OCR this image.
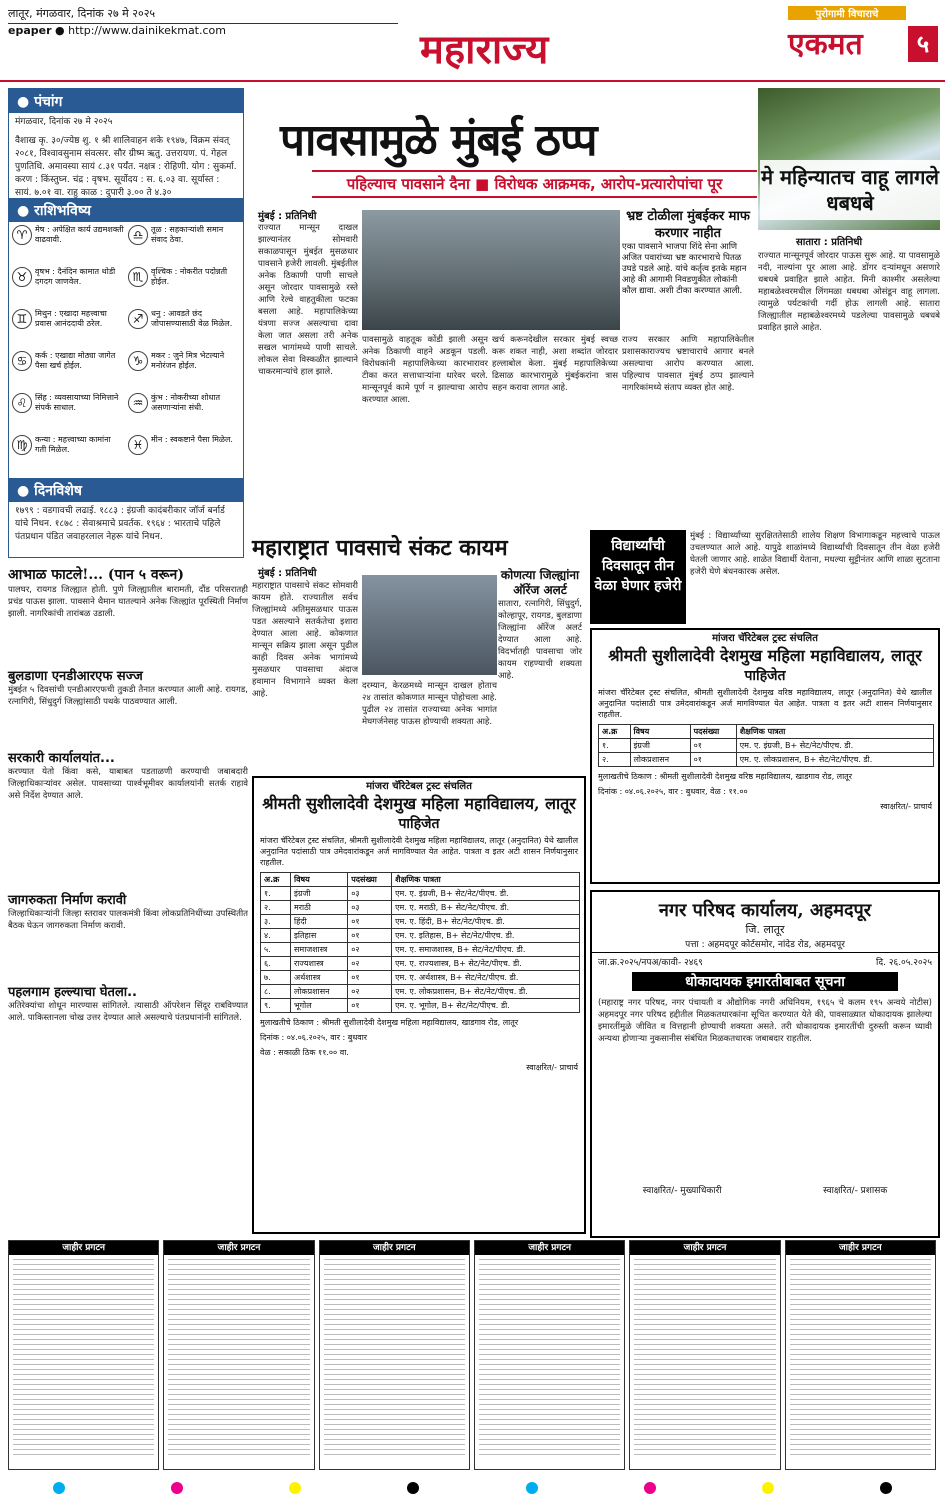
लातूर, मंगळवार, दिनांक २७ मे २०२५
epaper ● http://www.dainikekmat.com	महाराज्य
पुरोगामी विचाराचे
एकमत	५
● पंचांग
मंगळवार, दिनांक २७ मे २०२५
वैशाख कृ. ३०/ज्येष्ठ शु. १ श्री शालिवाहन शके १९४७, विक्रम संवत् २०८१, विश्वावसुनाम संवत्सर. सौर ग्रीष्म ऋतु. उत्तरायण. पं. गेहल पुणतिथि. अमावस्या सायं ८.३१ पर्यंत. नक्षत्र : रोहिणी. योग : सुकर्मा. करण : किंस्तुघ्न. चंद्र : वृषभ. सूर्योदय : स. ६.०३ वा. सूर्यास्त : सायं. ७.०१ वा. राहु काळ : दुपारी ३.०० ते ४.३०
● राशिभविष्य
♈ मेष : अपेक्षित कार्य उद्यमशक्ती वाढवावी.	♎ तूळ : सहकाऱ्यांशी समान संवाद ठेवा.
♉ वृषभ : दैनंदिन कामात थोडी दगदग जाणवेल.	♏ वृश्चिक : नोकरीत पदोन्नती होईल.
♊ मिथुन : एखादा महत्त्वाचा प्रवास आनंददायी ठरेल.	♐ धनु : आवडते छंद जोपासण्यासाठी वेळ मिळेल.
♋ कर्क : एखाद्या मोठ्या जागेत पैसा खर्च होईल.	♑ मकर : जुने मित्र भेटल्याने मनोरंजन होईल.
♌ सिंह : व्यवसायाच्या निमित्ताने संपर्क साधाल.	♒ कुंभ : नोकरीच्या शोधात असणाऱ्यांना संधी.
♍ कन्या : महत्त्वाच्या कामांना गती मिळेल.	♓ मीन : स्वकष्टाने पैसा मिळेल.
● दिनविशेष
१७९९ : वडगावची लढाई. १८८३ : इंग्रजी कादंबरीकार जॉर्ज बर्नार्ड यांचे निधन. १८७८ : सेवाश्रमाचे प्रवर्तक. १९६४ : भारताचे पहिले पंतप्रधान पंडित जवाहरलाल नेहरू यांचे निधन.
पावसामुळे मुंबई ठप्प
पहिल्याच पावसाने दैना ■ विरोधक आक्रमक, आरोप-प्रत्यारोपांचा पूर
मुंबई : प्रतिनिधी
राज्यात मान्सून दाखल झाल्यानंतर सोमवारी सकाळपासून मुंबईत मुसळधार पावसाने हजेरी लावली. मुंबईतील अनेक ठिकाणी पाणी साचले असून जोरदार पावसामुळे रस्ते आणि रेल्वे वाहतुकीला फटका बसला आहे. महापालिकेच्या यंत्रणा सज्ज असल्याचा दावा केला जात असला तरी अनेक सखल भागांमध्ये पाणी साचले. लोकल सेवा विस्कळीत झाल्याने चाकरमान्यांचे हाल झाले.
पावसामुळे वाहतूक कोंडी झाली असून अनेक ठिकाणी वाहने अडकून पडली. विरोधकांनी महापालिकेच्या कारभारावर टीका करत सत्ताधाऱ्यांना धारेवर धरले. मान्सूनपूर्व कामे पूर्ण न झाल्याचा आरोप करण्यात आला.
खर्च करूनदेखील सरकार मुंबई स्वच्छ करू शकत नाही, अशा शब्दांत जोरदार हल्लाबोल केला. मुंबई महापालिकेच्या ढिसाळ कारभारामुळे मुंबईकरांना त्रास सहन करावा लागत आहे.
राज्य सरकार आणि महापालिकेतील प्रशासकाराज्यच भ्रष्टाचाराचे आगार बनले असल्याचा आरोप करण्यात आला. पहिल्याच पावसात मुंबई ठप्प झाल्याने नागरिकांमध्ये संताप व्यक्त होत आहे.
भ्रष्ट टोळीला मुंबईकर माफ करणार नाहीत

एका पावसाने भाजपा शिंदे सेना आणि अजित पवारांच्या भ्रष्ट कारभाराचे पितळ उघडे पडले आहे. यांचे कर्तृत्व इतके महान आहे की आगामी निवडणुकीत लोकांनी कौल द्यावा. अशी टीका करण्यात आली.

मे महिन्यातच वाहू लागले धबधबे
सातारा : प्रतिनिधी
राज्यात मान्सूनपूर्व जोरदार पाऊस सुरू आहे. या पावसामुळे नदी, नाल्यांना पूर आला आहे. डोंगर दऱ्यांमधून असणारे धबधबे प्रवाहित झाले आहेत. मिनी काश्मीर असलेल्या महाबळेश्वरमधील लिंगमळा धबधबा ओसंडून वाहू लागला. त्यामुळे पर्यटकांची गर्दी होऊ लागली आहे. सातारा जिल्ह्यातील महाबळेश्वरमध्ये पडलेल्या पावसामुळे धबधबे प्रवाहित झाले आहेत.
आभाळ फाटले!... (पान ५ वरून)
पालघर, रायगड जिल्ह्यात होती. पुणे जिल्ह्यातील बारामती, दौंड परिसरातही प्रचंड पाऊस झाला. पावसाने थैमान घातल्याने अनेक जिल्ह्यांत पूरस्थिती निर्माण झाली. नागरिकांची तारांबळ उडाली.
बुलडाणा एनडीआरएफ सज्ज
मुंबईत ५ दिवसांची एनडीआरएफची तुकडी तैनात करण्यात आली आहे. रायगड, रत्नागिरी, सिंधुदुर्ग जिल्ह्यांसाठी पथके पाठवण्यात आली.
सरकारी कार्यालयांत...
करण्यात येतो किंवा कसे, याबाबत पडताळणी करण्याची जबाबदारी जिल्हाधिकाऱ्यांवर असेल. पावसाच्या पार्श्वभूमीवर कार्यालयांनी सतर्क राहावे असे निर्देश देण्यात आले.
जागरुकता निर्माण करावी
जिल्हाधिकाऱ्यांनी जिल्हा स्तरावर पालकमंत्री किंवा लोकप्रतिनिधींच्या उपस्थितीत बैठक घेऊन जागरुकता निर्माण करावी.
पहलगाम हल्ल्याचा घेतला..
अतिरेक्यांचा शोधून मारण्यास सांगितले. त्यासाठी ऑपरेशन सिंदूर राबविण्यात आले. पाकिस्तानला चोख उत्तर देण्यात आले असल्याचे पंतप्रधानांनी सांगितले.
महाराष्ट्रात पावसाचे संकट कायम
मुंबई : प्रतिनिधी
महाराष्ट्रात पावसाचे संकट सोमवारी कायम होते. राज्यातील सर्वच जिल्ह्यांमध्ये अतिमुसळधार पाऊस पडत असल्याने सतर्कतेचा इशारा देण्यात आला आहे. कोकणात मान्सून सक्रिय झाला असून पुढील काही दिवस अनेक भागांमध्ये मुसळधार पावसाचा अंदाज हवामान विभागाने व्यक्त केला आहे.
दरम्यान, केरळमध्ये मान्सून दाखल होताच २४ तासांत कोकणात मान्सून पोहोचला आहे. पुढील २४ तासांत राज्याच्या अनेक भागांत मेघगर्जनेसह पाऊस होण्याची शक्यता आहे.
कोणत्या जिल्ह्यांना ऑरेंज अलर्ट
सातारा, रत्नागिरी, सिंधुदुर्ग, कोल्हापूर, रायगड, बुलडाणा जिल्ह्यांना ऑरेंज अलर्ट देण्यात आला आहे. विदर्भातही पावसाचा जोर कायम राहण्याची शक्यता आहे.
विद्यार्थ्यांची दिवसातून तीन वेळा घेणार हजेरी
मुंबई : विद्यार्थ्यांच्या सुरक्षिततेसाठी शालेय शिक्षण विभागाकडून महत्त्वाचे पाऊल उचलण्यात आले आहे. यापुढे शाळांमध्ये विद्यार्थ्यांची दिवसातून तीन वेळा हजेरी घेतली जाणार आहे. शाळेत विद्यार्थी येताना, मधल्या सुट्टीनंतर आणि शाळा सुटताना हजेरी घेणे बंधनकारक असेल.
मांजरा चॅरिटेबल ट्रस्ट संचलित
श्रीमती सुशीलादेवी देशमुख महिला महाविद्यालय, लातूर
पाहिजेत

मांजरा चॅरिटेबल ट्रस्ट संचलित, श्रीमती सुशीलादेवी देशमुख वरिष्ठ महाविद्यालय, लातूर (अनुदानित) येथे खालील अनुदानित पदांसाठी पात्र उमेदवारांकडून अर्ज मागविण्यात येत आहेत. पात्रता व इतर अटी शासन निर्णयानुसार राहतील.

अ.क्र	विषय	पदसंख्या	शैक्षणिक पात्रता
१.	इंग्रजी	०१	एम. ए. इंग्रजी, B+ सेट/नेट/पीएच. डी.
२.	लोकप्रशासन	०१	एम. ए. लोकप्रशासन, B+ सेट/नेट/पीएच. डी.

मुलाखतीचे ठिकाण : श्रीमती सुशीलादेवी देशमुख वरिष्ठ महाविद्यालय, खाडगाव रोड, लातूर

दिनांक : ०४.०६.२०२५, वार : बुधवार, वेळ : ११.००

स्वाक्षरित/- प्राचार्य

मांजरा चॅरिटेबल ट्रस्ट संचलित
श्रीमती सुशीलादेवी देशमुख महिला महाविद्यालय, लातूर
पाहिजेत

मांजरा चॅरिटेबल ट्रस्ट संचलित, श्रीमती सुशीलादेवी देशमुख महिला महाविद्यालय, लातूर (अनुदानित) येथे खालील अनुदानित पदांसाठी पात्र उमेदवारांकडून अर्ज मागविण्यात येत आहेत. पात्रता व इतर अटी शासन निर्णयानुसार राहतील.

अ.क्र	विषय	पदसंख्या	शैक्षणिक पात्रता
१.	इंग्रजी	०३	एम. ए. इंग्रजी, B+ सेट/नेट/पीएच. डी.
२.	मराठी	०३	एम. ए. मराठी, B+ सेट/नेट/पीएच. डी.
३.	हिंदी	०१	एम. ए. हिंदी, B+ सेट/नेट/पीएच. डी.
४.	इतिहास	०१	एम. ए. इतिहास, B+ सेट/नेट/पीएच. डी.
५.	समाजशास्त्र	०२	एम. ए. समाजशास्त्र, B+ सेट/नेट/पीएच. डी.
६.	राज्यशास्त्र	०२	एम. ए. राज्यशास्त्र, B+ सेट/नेट/पीएच. डी.
७.	अर्थशास्त्र	०१	एम. ए. अर्थशास्त्र, B+ सेट/नेट/पीएच. डी.
८.	लोकप्रशासन	०२	एम. ए. लोकप्रशासन, B+ सेट/नेट/पीएच. डी.
९.	भूगोल	०१	एम. ए. भूगोल, B+ सेट/नेट/पीएच. डी.

मुलाखतीचे ठिकाण : श्रीमती सुशीलादेवी देशमुख महिला महाविद्यालय, खाडगाव रोड, लातूर

दिनांक : ०४.०६.२०२५, वार : बुधवार

वेळ : सकाळी ठिक ११.०० वा.

स्वाक्षरित/- प्राचार्य

नगर परिषद कार्यालय, अहमदपूर
जि. लातूर
पत्ता : अहमदपूर कोर्टसमोर, नांदेड रोड, अहमदपूर
जा.क्र.२०२५/नपअ/कावी- २४६९	दि. २६.०५.२०२५
धोकादायक इमारतीबाबत सूचना
(महाराष्ट्र नगर परिषद, नगर पंचायती व औद्योगिक नगरी अधिनियम, १९६५ चे कलम १९५ अन्वये नोटीस) अहमदपूर नगर परिषद हद्दीतील मिळकतधारकांना सूचित करण्यात येते की, पावसाळ्यात धोकादायक झालेल्या इमारतींमुळे जीवित व वित्तहानी होण्याची शक्यता असते. तरी धोकादायक इमारतींची दुरुस्ती करून घ्यावी अन्यथा होणाऱ्या नुकसानीस संबंधित मिळकतधारक जबाबदार राहतील.
स्वाक्षरित/- मुख्याधिकारी	स्वाक्षरित/- प्रशासक
जाहीर प्रगटन	जाहीर प्रगटन	जाहीर प्रगटन	जाहीर प्रगटन	जाहीर प्रगटन	जाहीर प्रगटन
